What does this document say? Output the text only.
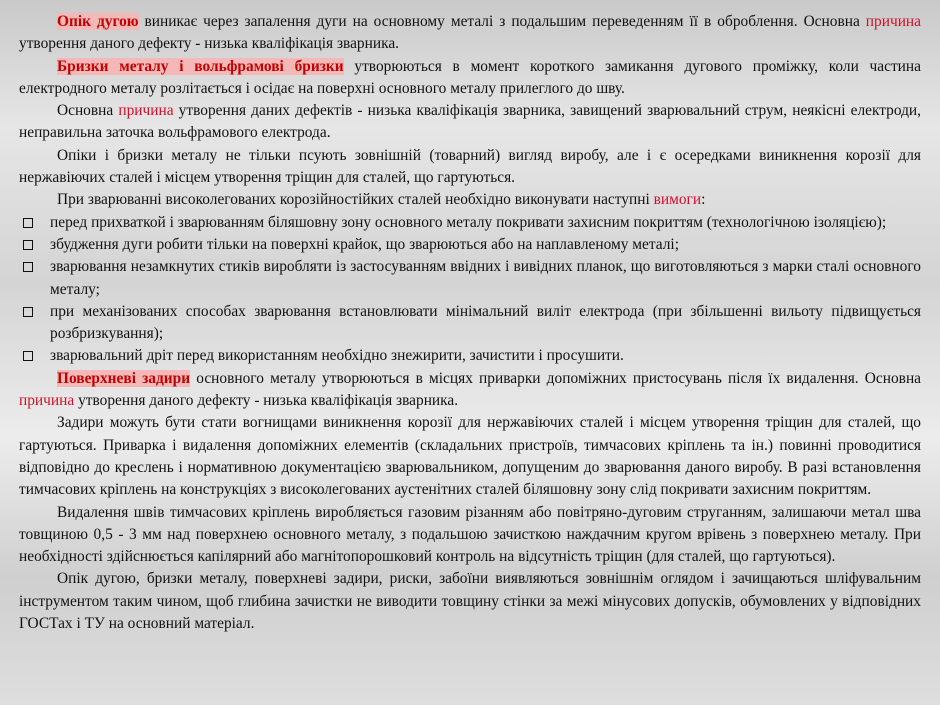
Опік дугою виникає через запалення дуги на основному металі з подальшим переведенням її в оброблення. Основна причина утворення даного дефекту - низька кваліфікація зварника.

Бризки металу і вольфрамові бризки утворюються в момент короткого замикання дугового проміжку, коли частина електродного металу розлітається і осідає на поверхні основного металу прилеглого до шву.

Основна причина утворення даних дефектів - низька кваліфікація зварника, завищений зварювальний струм, неякісні електроди, неправильна заточка вольфрамового електрода.

Опіки і бризки металу не тільки псують зовнішній (товарний) вигляд виробу, але і є осередками виникнення корозії для нержавіючих сталей і місцем утворення тріщин для сталей, що гартуються.

При зварюванні високолегованих корозійностійких сталей необхідно виконувати наступні вимоги:

перед прихваткой і зварюванням біляшовну зону основного металу покривати захисним покриттям (технологічною ізоляцією);
збудження дуги робити тільки на поверхні крайок, що зварюються або на наплавленому металі;
зварювання незамкнутих стиків виробляти із застосуванням ввідних і вивідних планок, що виготовляються з марки сталі основного металу;
при механізованих способах зварювання встановлювати мінімальний виліт електрода (при збільшенні вильоту підвищується розбризкування);
зварювальний дріт перед використанням необхідно знежирити, зачистити і просушити.

Поверхневі задири основного металу утворюються в місцях приварки допоміжних пристосувань після їх видалення. Основна причина утворення даного дефекту - низька кваліфікація зварника.

Задири можуть бути стати вогнищами виникнення корозії для нержавіючих сталей і місцем утворення тріщин для сталей, що гартуються. Приварка і видалення допоміжних елементів (складальних пристроїв, тимчасових кріплень та ін.) повинні проводитися відповідно до креслень і нормативною документацією зварювальником, допущеним до зварювання даного виробу. В разі встановлення тимчасових кріплень на конструкціях з високолегованих аустенітних сталей біляшовну зону слід покривати захисним покриттям.

Видалення швів тимчасових кріплень виробляється газовим різанням або повітряно-дуговим струганням, залишаючи метал шва товщиною 0,5 - 3 мм над поверхнею основного металу, з подальшою зачисткою наждачним кругом врівень з поверхнею металу. При необхідності здійснюється капілярний або магнітопорошковий контроль на відсутність тріщин (для сталей, що гартуються).

Опік дугою, бризки металу, поверхневі задири, риски, забоїни виявляються зовнішнім оглядом і зачищаються шліфувальним інструментом таким чином, щоб глибина зачистки не виводити товщину стінки за межі мінусових допусків, обумовлених у відповідних ГОСТах і ТУ на основний матеріал.
